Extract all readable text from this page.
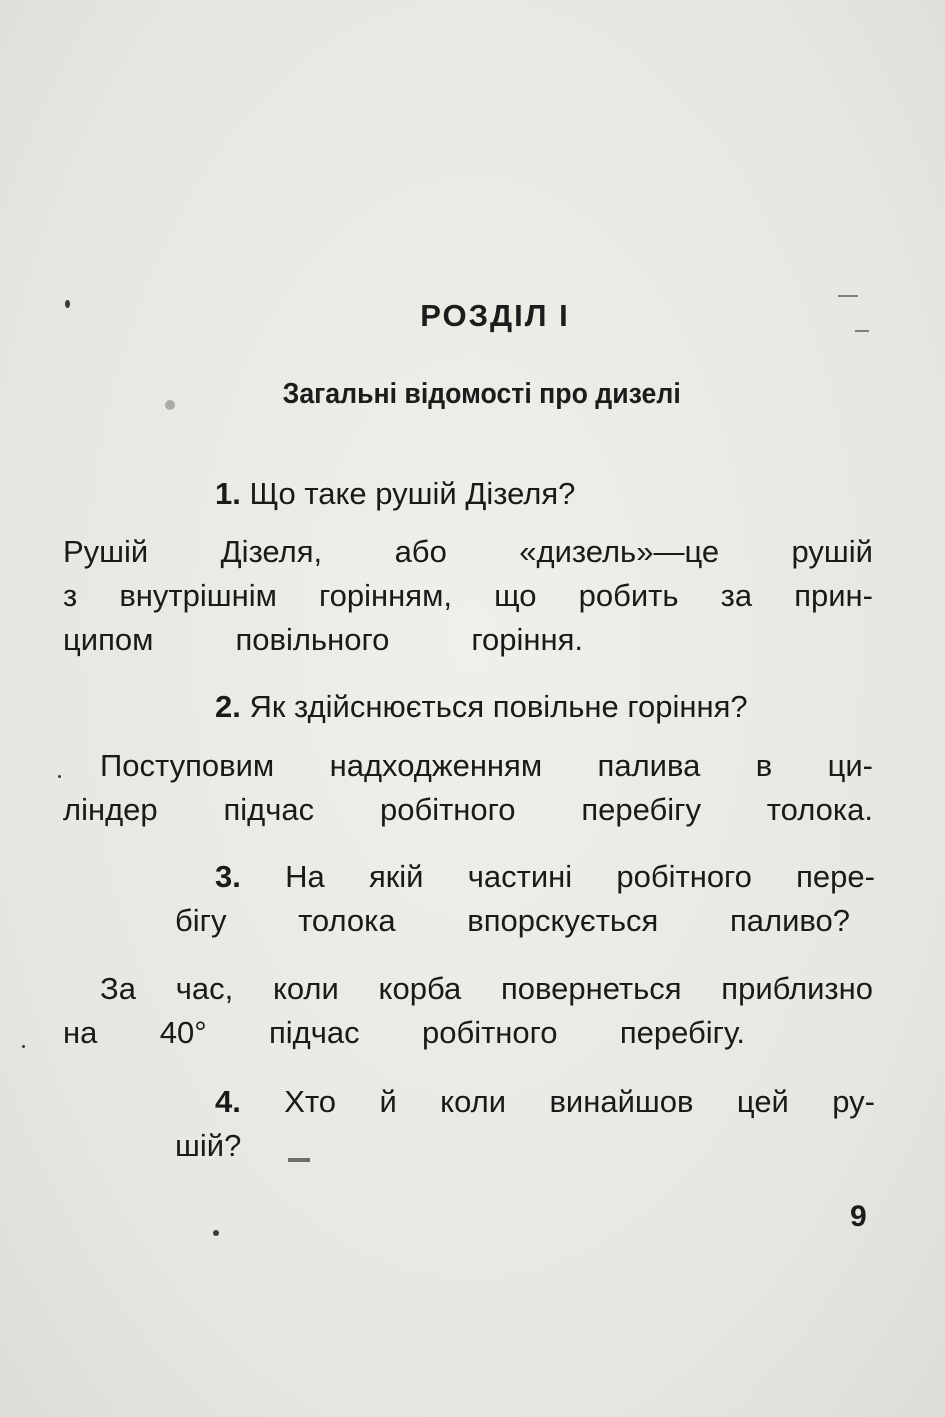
РОЗДІЛ І
Загальні відомості про дизелі
1. Що таке рушій Дізеля?
Рушій Дізеля, або «дизель»—це рушій
з внутрішнім горінням, що робить за прин-
ципом повільного горіння.
2. Як здійснюється повільне горіння?
Поступовим надходженням палива в ци-
ліндер підчас робітного перебігу толока.
3. На якій частині робітного пере-
бігу толока впорскується паливо?
За час, коли корба повернеться приблизно
на 40° підчас робітного перебігу.
4. Хто й коли винайшов цей ру-
шій?
9
